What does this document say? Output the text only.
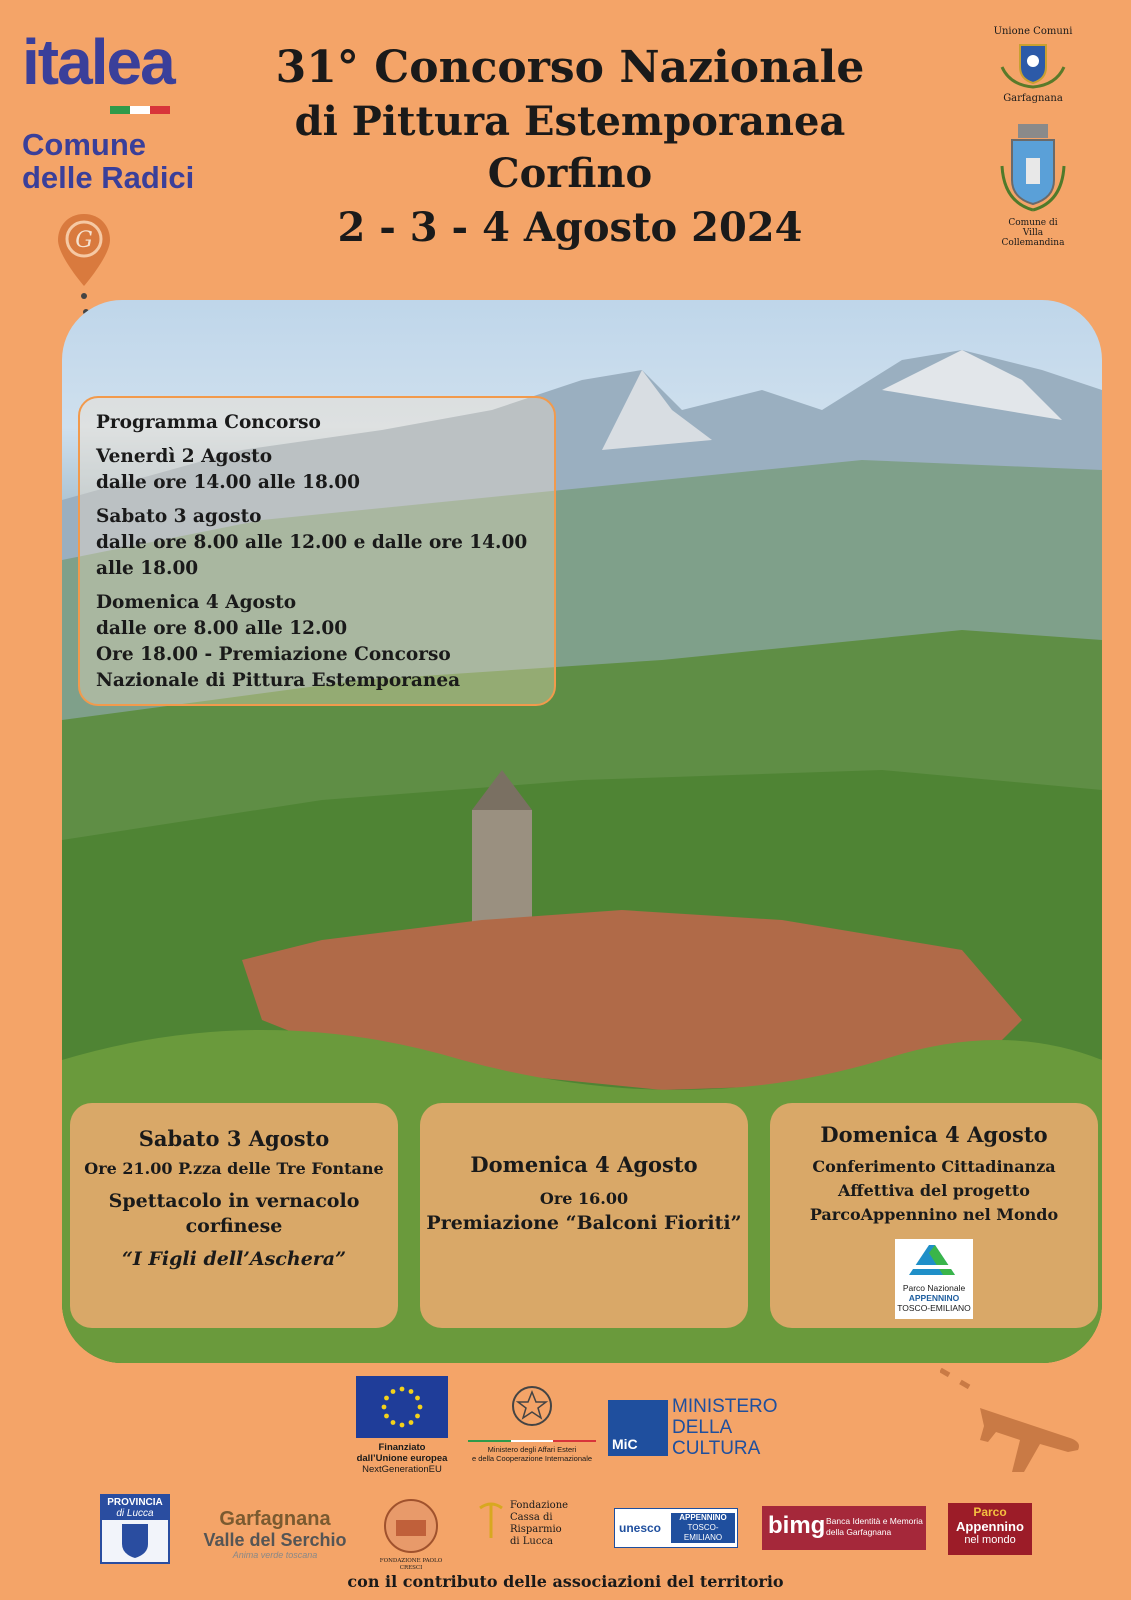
italea
Comune
delle Radici
G
31° Concorso Nazionale
di Pittura Estemporanea
Corfino
2 - 3 - 4 Agosto 2024
Unione Comuni
Garfagnana
Comune di
Villa Collemandina
Programma Concorso
Venerdì 2 Agosto
dalle ore 14.00 alle 18.00
Sabato 3 agosto
dalle ore 8.00 alle 12.00 e dalle ore 14.00
alle 18.00
Domenica 4 Agosto
dalle ore 8.00 alle 12.00
Ore 18.00 - Premiazione Concorso
Nazionale di Pittura Estemporanea
Sabato 3 Agosto
Ore 21.00 P.zza delle Tre Fontane
Spettacolo in vernacolo
corfinese
“I Figli dell’Aschera”
Domenica 4 Agosto
Ore 16.00
Premiazione “Balconi Fioriti”
Domenica 4 Agosto
Conferimento Cittadinanza
Affettiva del progetto
ParcoAppennino nel Mondo
Parco Nazionale
APPENNINO
TOSCO-EMILIANO
Finanziato
dall’Unione europea
NextGenerationEU
Ministero degli Affari Esteri
e della Cooperazione Internazionale
MiC
MINISTERO
DELLA
CULTURA
PROVINCIA
di Lucca	Garfagnana
Valle del Serchio
Anima verde toscana
FONDAZIONE PAOLO CRESCI
Fondazione
Cassa di Risparmio
di Lucca
unesco
APPENNINO
TOSCO-EMILIANO	bimg Banca Identità e Memoria
della Garfagnana
Parco
Appennino
nel mondo
con il contributo delle associazioni del territorio
